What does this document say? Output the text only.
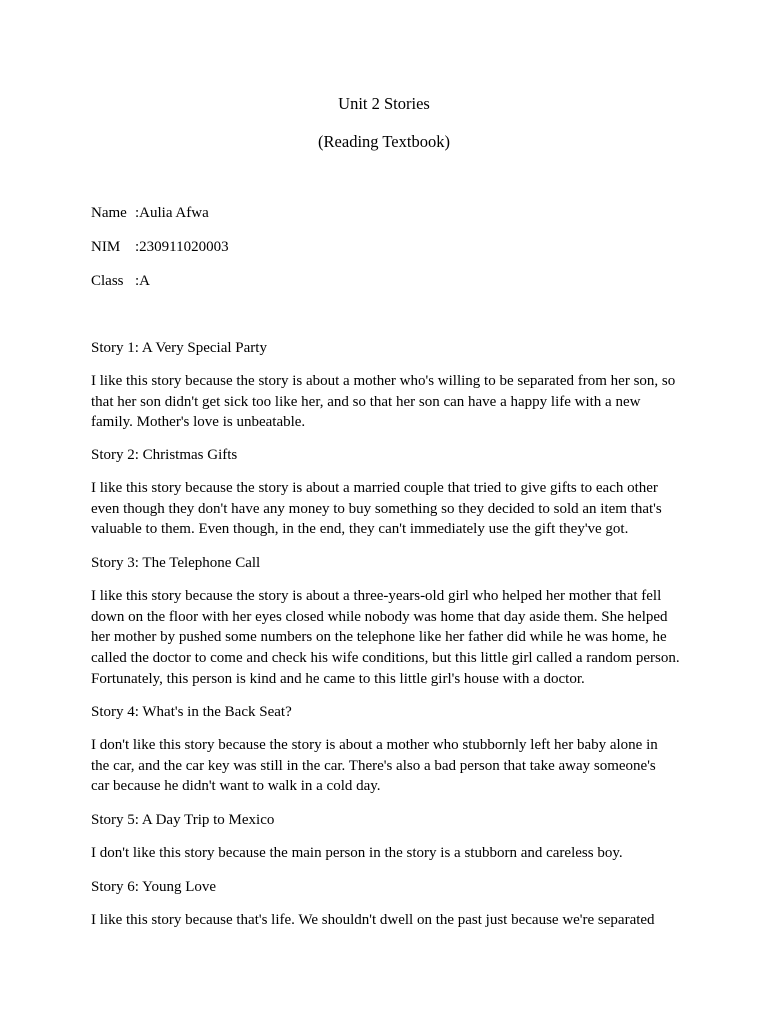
Unit 2 Stories
(Reading Textbook)
Name :Aulia Afwa
NIM :230911020003
Class :A
Story 1: A Very Special Party
I like this story because the story is about a mother who's willing to be separated from her son, so
that her son didn't get sick too like her, and so that her son can have a happy life with a new
family. Mother's love is unbeatable.
Story 2: Christmas Gifts
I like this story because the story is about a married couple that tried to give gifts to each other
even though they don't have any money to buy something so they decided to sold an item that's
valuable to them. Even though, in the end, they can't immediately use the gift they've got.
Story 3: The Telephone Call
I like this story because the story is about a three-years-old girl who helped her mother that fell
down on the floor with her eyes closed while nobody was home that day aside them. She helped
her mother by pushed some numbers on the telephone like her father did while he was home, he
called the doctor to come and check his wife conditions, but this little girl called a random person.
Fortunately, this person is kind and he came to this little girl's house with a doctor.
Story 4: What's in the Back Seat?
I don't like this story because the story is about a mother who stubbornly left her baby alone in
the car, and the car key was still in the car. There's also a bad person that take away someone's
car because he didn't want to walk in a cold day.
Story 5: A Day Trip to Mexico
I don't like this story because the main person in the story is a stubborn and careless boy.
Story 6: Young Love
I like this story because that's life. We shouldn't dwell on the past just because we're separated
